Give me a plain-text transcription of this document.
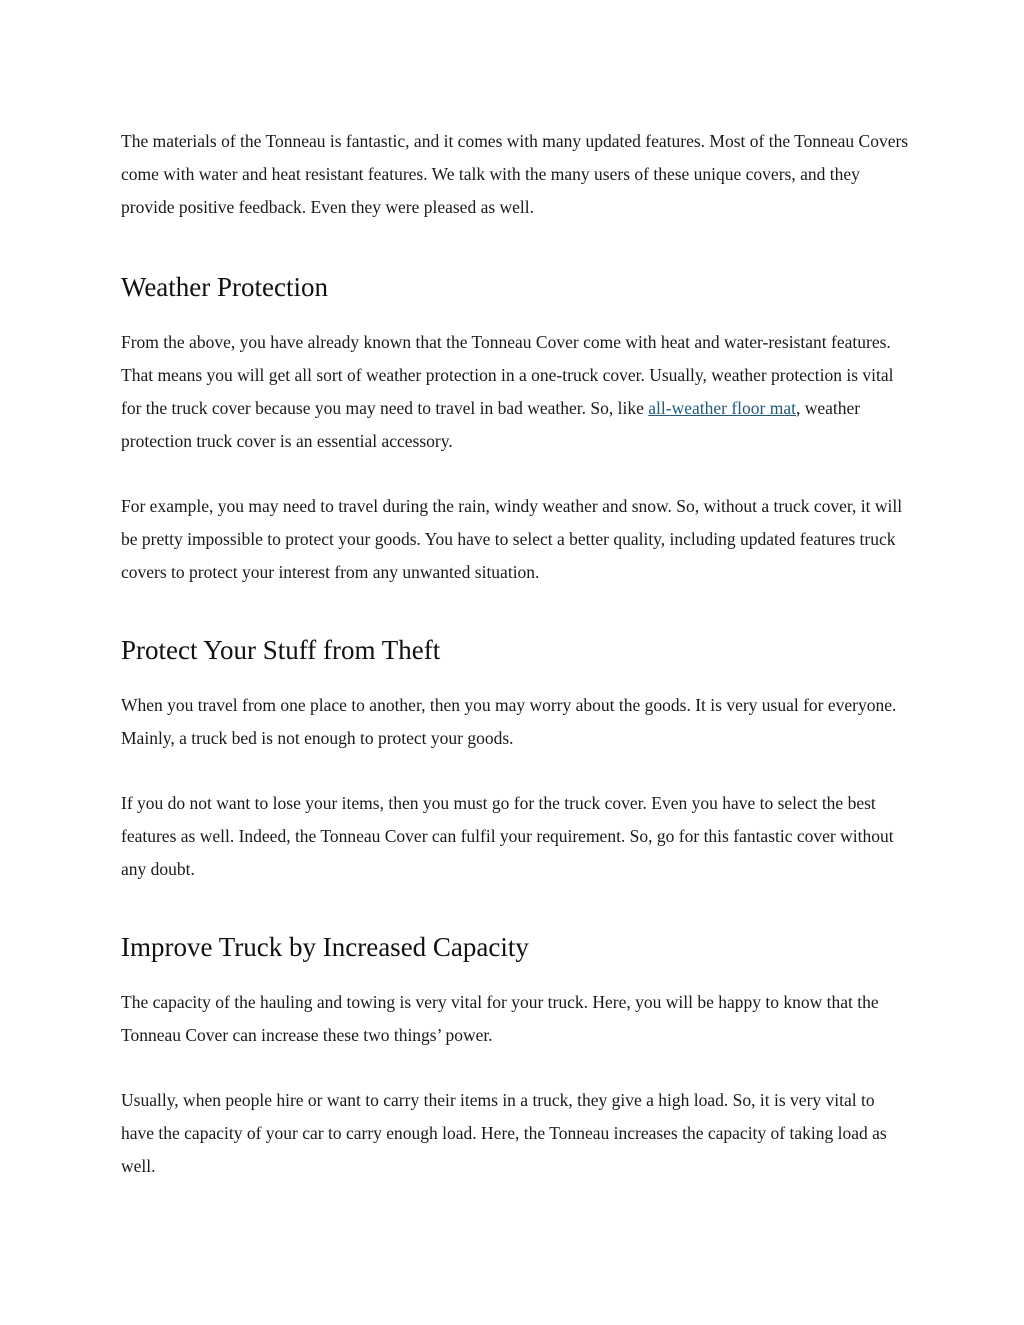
The materials of the Tonneau is fantastic, and it comes with many updated features. Most of the Tonneau Covers come with water and heat resistant features. We talk with the many users of these unique covers, and they provide positive feedback. Even they were pleased as well.

Weather Protection

From the above, you have already known that the Tonneau Cover come with heat and water-resistant features. That means you will get all sort of weather protection in a one-truck cover. Usually, weather protection is vital for the truck cover because you may need to travel in bad weather. So, like all-weather floor mat, weather protection truck cover is an essential accessory.

For example, you may need to travel during the rain, windy weather and snow. So, without a truck cover, it will be pretty impossible to protect your goods. You have to select a better quality, including updated features truck covers to protect your interest from any unwanted situation.

Protect Your Stuff from Theft

When you travel from one place to another, then you may worry about the goods. It is very usual for everyone. Mainly, a truck bed is not enough to protect your goods.

If you do not want to lose your items, then you must go for the truck cover. Even you have to select the best features as well. Indeed, the Tonneau Cover can fulfil your requirement. So, go for this fantastic cover without any doubt.

Improve Truck by Increased Capacity

The capacity of the hauling and towing is very vital for your truck. Here, you will be happy to know that the Tonneau Cover can increase these two things’ power.

Usually, when people hire or want to carry their items in a truck, they give a high load. So, it is very vital to have the capacity of your car to carry enough load. Here, the Tonneau increases the capacity of taking load as well.
